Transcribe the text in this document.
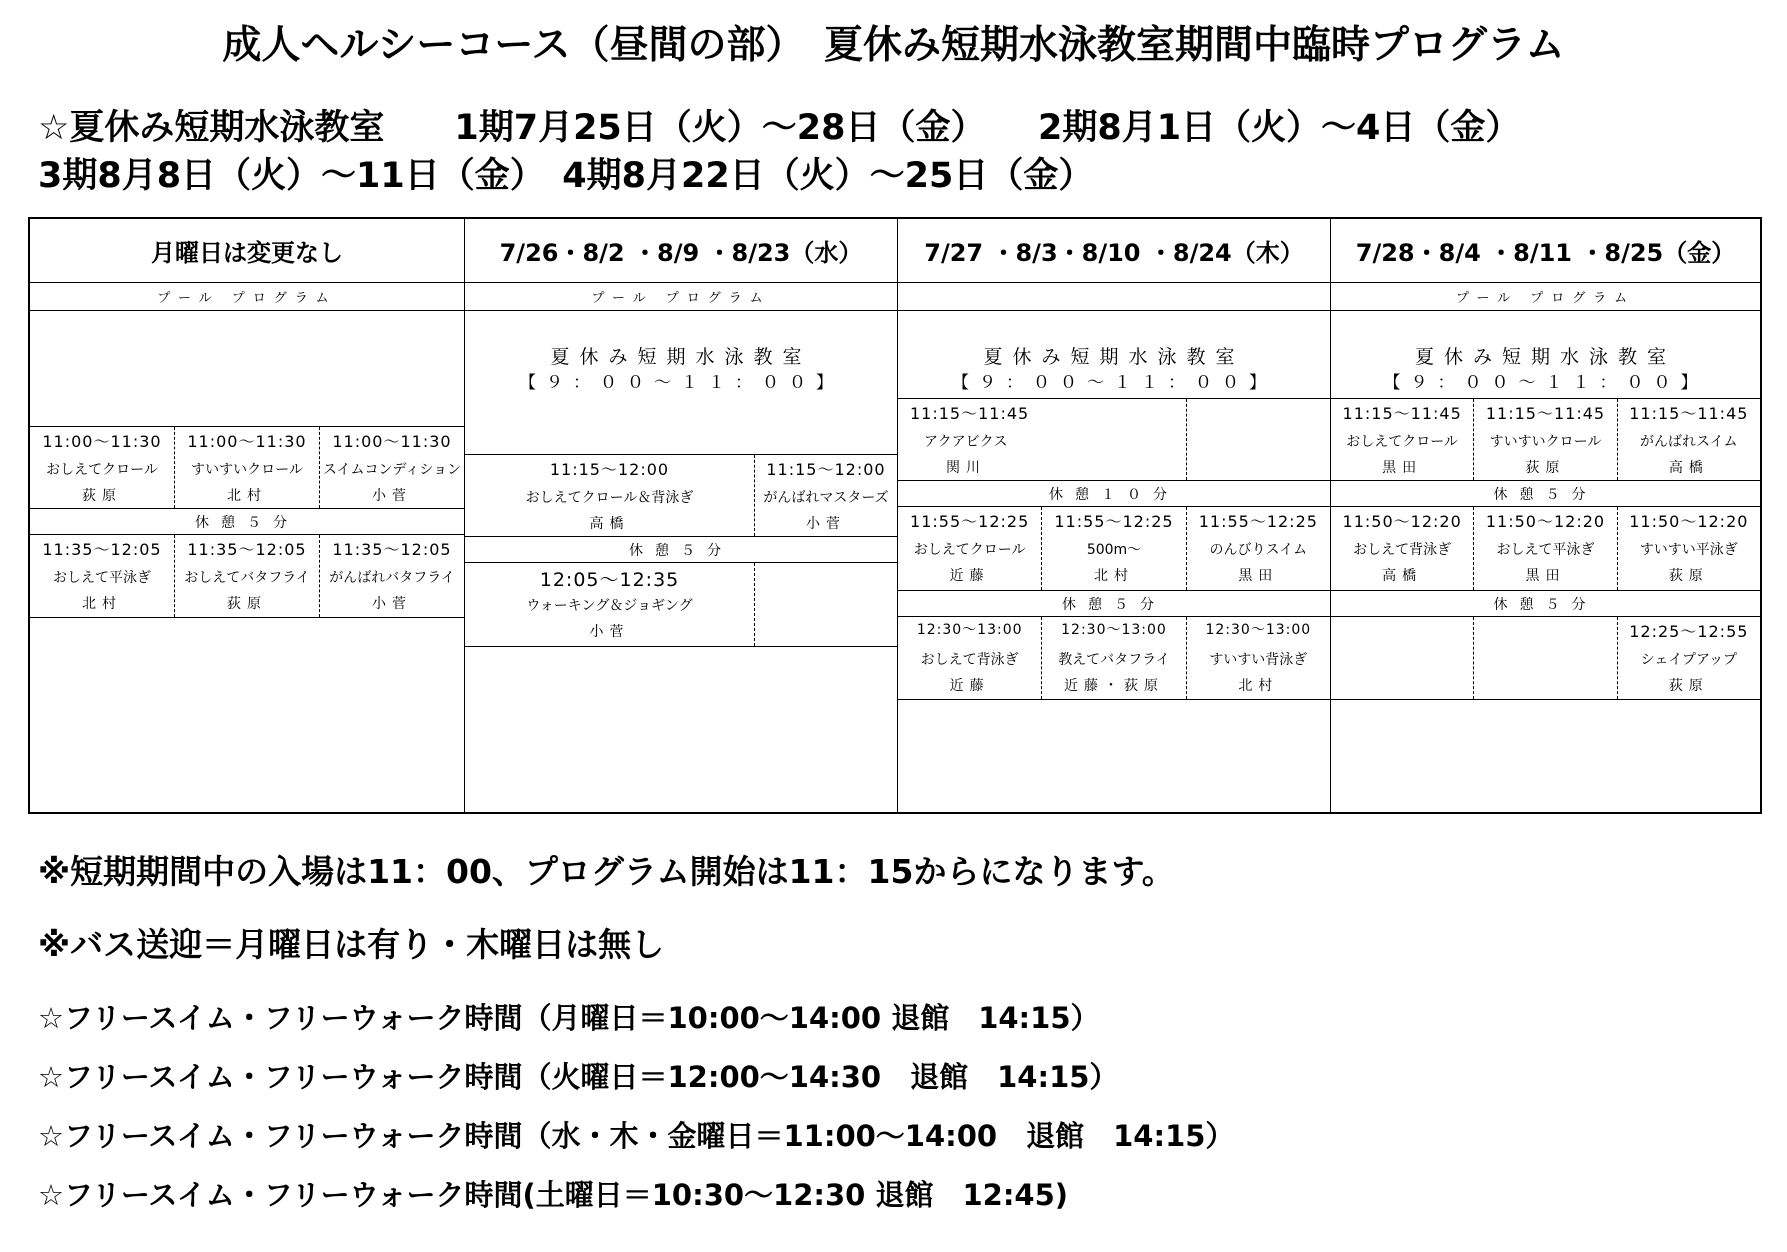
成人ヘルシーコース（昼間の部）　夏休み短期水泳教室期間中臨時プログラム
☆夏休み短期水泳教室　　1期7月25日（火）～28日（金）　　2期8月1日（火）～4日（金）
3期8月8日（火）～11日（金）　4期8月22日（火）～25日（金）
月曜日は変更なし
プール プログラム
11:00～11:30
おしえてクロール
荻原
11:00～11:30
すいすいクロール
北村
11:00～11:30
スイムコンディション
小菅
休憩５分
11:35～12:05
おしえて平泳ぎ
北村
11:35～12:05
おしえてバタフライ
荻原
11:35～12:05
がんばれバタフライ
小菅
7/26・8/2 ・8/9 ・8/23（水）
プール プログラム
夏休み短期水泳教室
【９：００～１１：００】
11:15～12:00
おしえてクロール＆背泳ぎ
高橋
11:15～12:00
がんばれマスターズ
小菅
休憩５分
12:05～12:35
ウォーキング＆ジョギング
小菅
7/27 ・8/3・8/10 ・8/24（木）
夏休み短期水泳教室
【９：００～１１：００】
11:15～11:45
アクアビクス
関川
休憩１０分
11:55～12:25
おしえてクロール
近藤
11:55～12:25
500m～
北村
11:55～12:25
のんびりスイム
黒田
休憩５分
12:30～13:00
おしえて背泳ぎ
近藤
12:30～13:00
教えてバタフライ
近藤・荻原
12:30～13:00
すいすい背泳ぎ
北村
7/28・8/4 ・8/11 ・8/25（金）
プール プログラム
夏休み短期水泳教室
【９：００～１１：００】
11:15～11:45
おしえてクロール
黒田
11:15～11:45
すいすいクロール
荻原
11:15～11:45
がんばれスイム
高橋
休憩５分
11:50～12:20
おしえて背泳ぎ
高橋
11:50～12:20
おしえて平泳ぎ
黒田
11:50～12:20
すいすい平泳ぎ
荻原
休憩５分
12:25～12:55
シェイプアップ
荻原
※短期期間中の入場は11：00、プログラム開始は11：15からになります。
※バス送迎＝月曜日は有り・木曜日は無し
☆フリースイム・フリーウォーク時間（月曜日＝10:00～14:00 退館　14:15）
☆フリースイム・フリーウォーク時間（火曜日＝12:00～14:30　退館　14:15）
☆フリースイム・フリーウォーク時間（水・木・金曜日＝11:00～14:00　退館　14:15）
☆フリースイム・フリーウォーク時間(土曜日＝10:30～12:30 退館　12:45)
